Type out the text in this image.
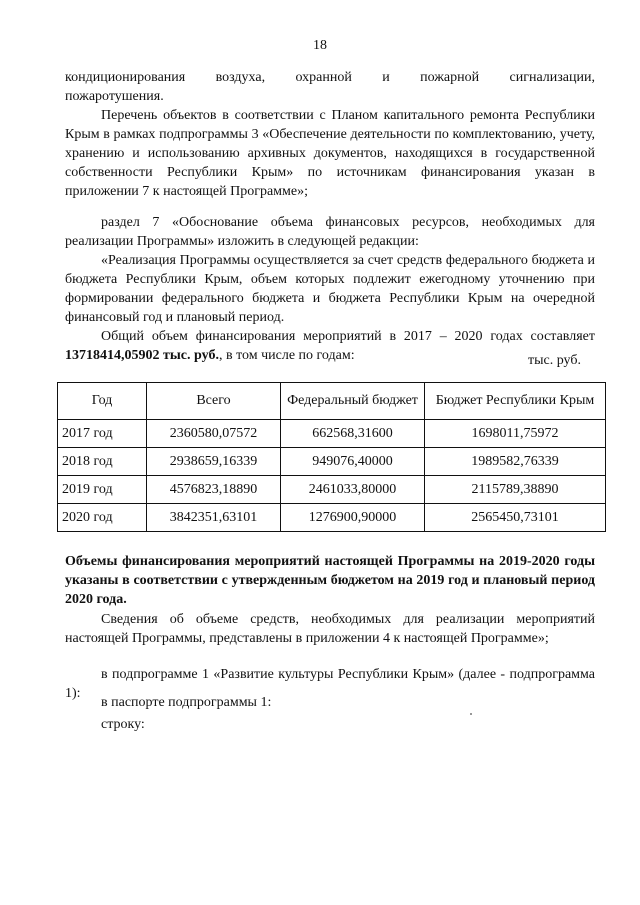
18
кондиционирования воздуха, охранной и пожарной сигнализации,
пожаротушения.
Перечень объектов в соответствии с Планом капитального ремонта Республики Крым в рамках подпрограммы 3 «Обеспечение деятельности по комплектованию, учету, хранению и использованию архивных документов, находящихся в государственной собственности Республики Крым» по источникам финансирования указан в приложении 7 к настоящей Программе»;
раздел 7 «Обоснование объема финансовых ресурсов, необходимых для реализации Программы» изложить в следующей редакции:
«Реализация Программы осуществляется за счет средств федерального бюджета и бюджета Республики Крым, объем которых подлежит ежегодному уточнению при формировании федерального бюджета и бюджета Республики Крым на очередной финансовый год и плановый период.
Общий объем финансирования мероприятий в 2017 – 2020 годах составляет 13718414,05902 тыс. руб., в том числе по годам:	тыс. руб.
Год	Всего	Федеральный бюджет	Бюджет Республики Крым
2017 год	2360580,07572	662568,31600	1698011,75972
2018 год	2938659,16339	949076,40000	1989582,76339
2019 год	4576823,18890	2461033,80000	2115789,38890
2020 год	3842351,63101	1276900,90000	2565450,73101
Объемы финансирования мероприятий настоящей Программы на 2019-2020 годы указаны в соответствии с утвержденным бюджетом на 2019 год и плановый период 2020 года.
Сведения об объеме средств, необходимых для реализации мероприятий настоящей Программы, представлены в приложении 4 к настоящей Программе»;
в подпрограмме 1 «Развитие культуры Республики Крым» (далее - подпрограмма 1):
в паспорте подпрограммы 1:
строку:
